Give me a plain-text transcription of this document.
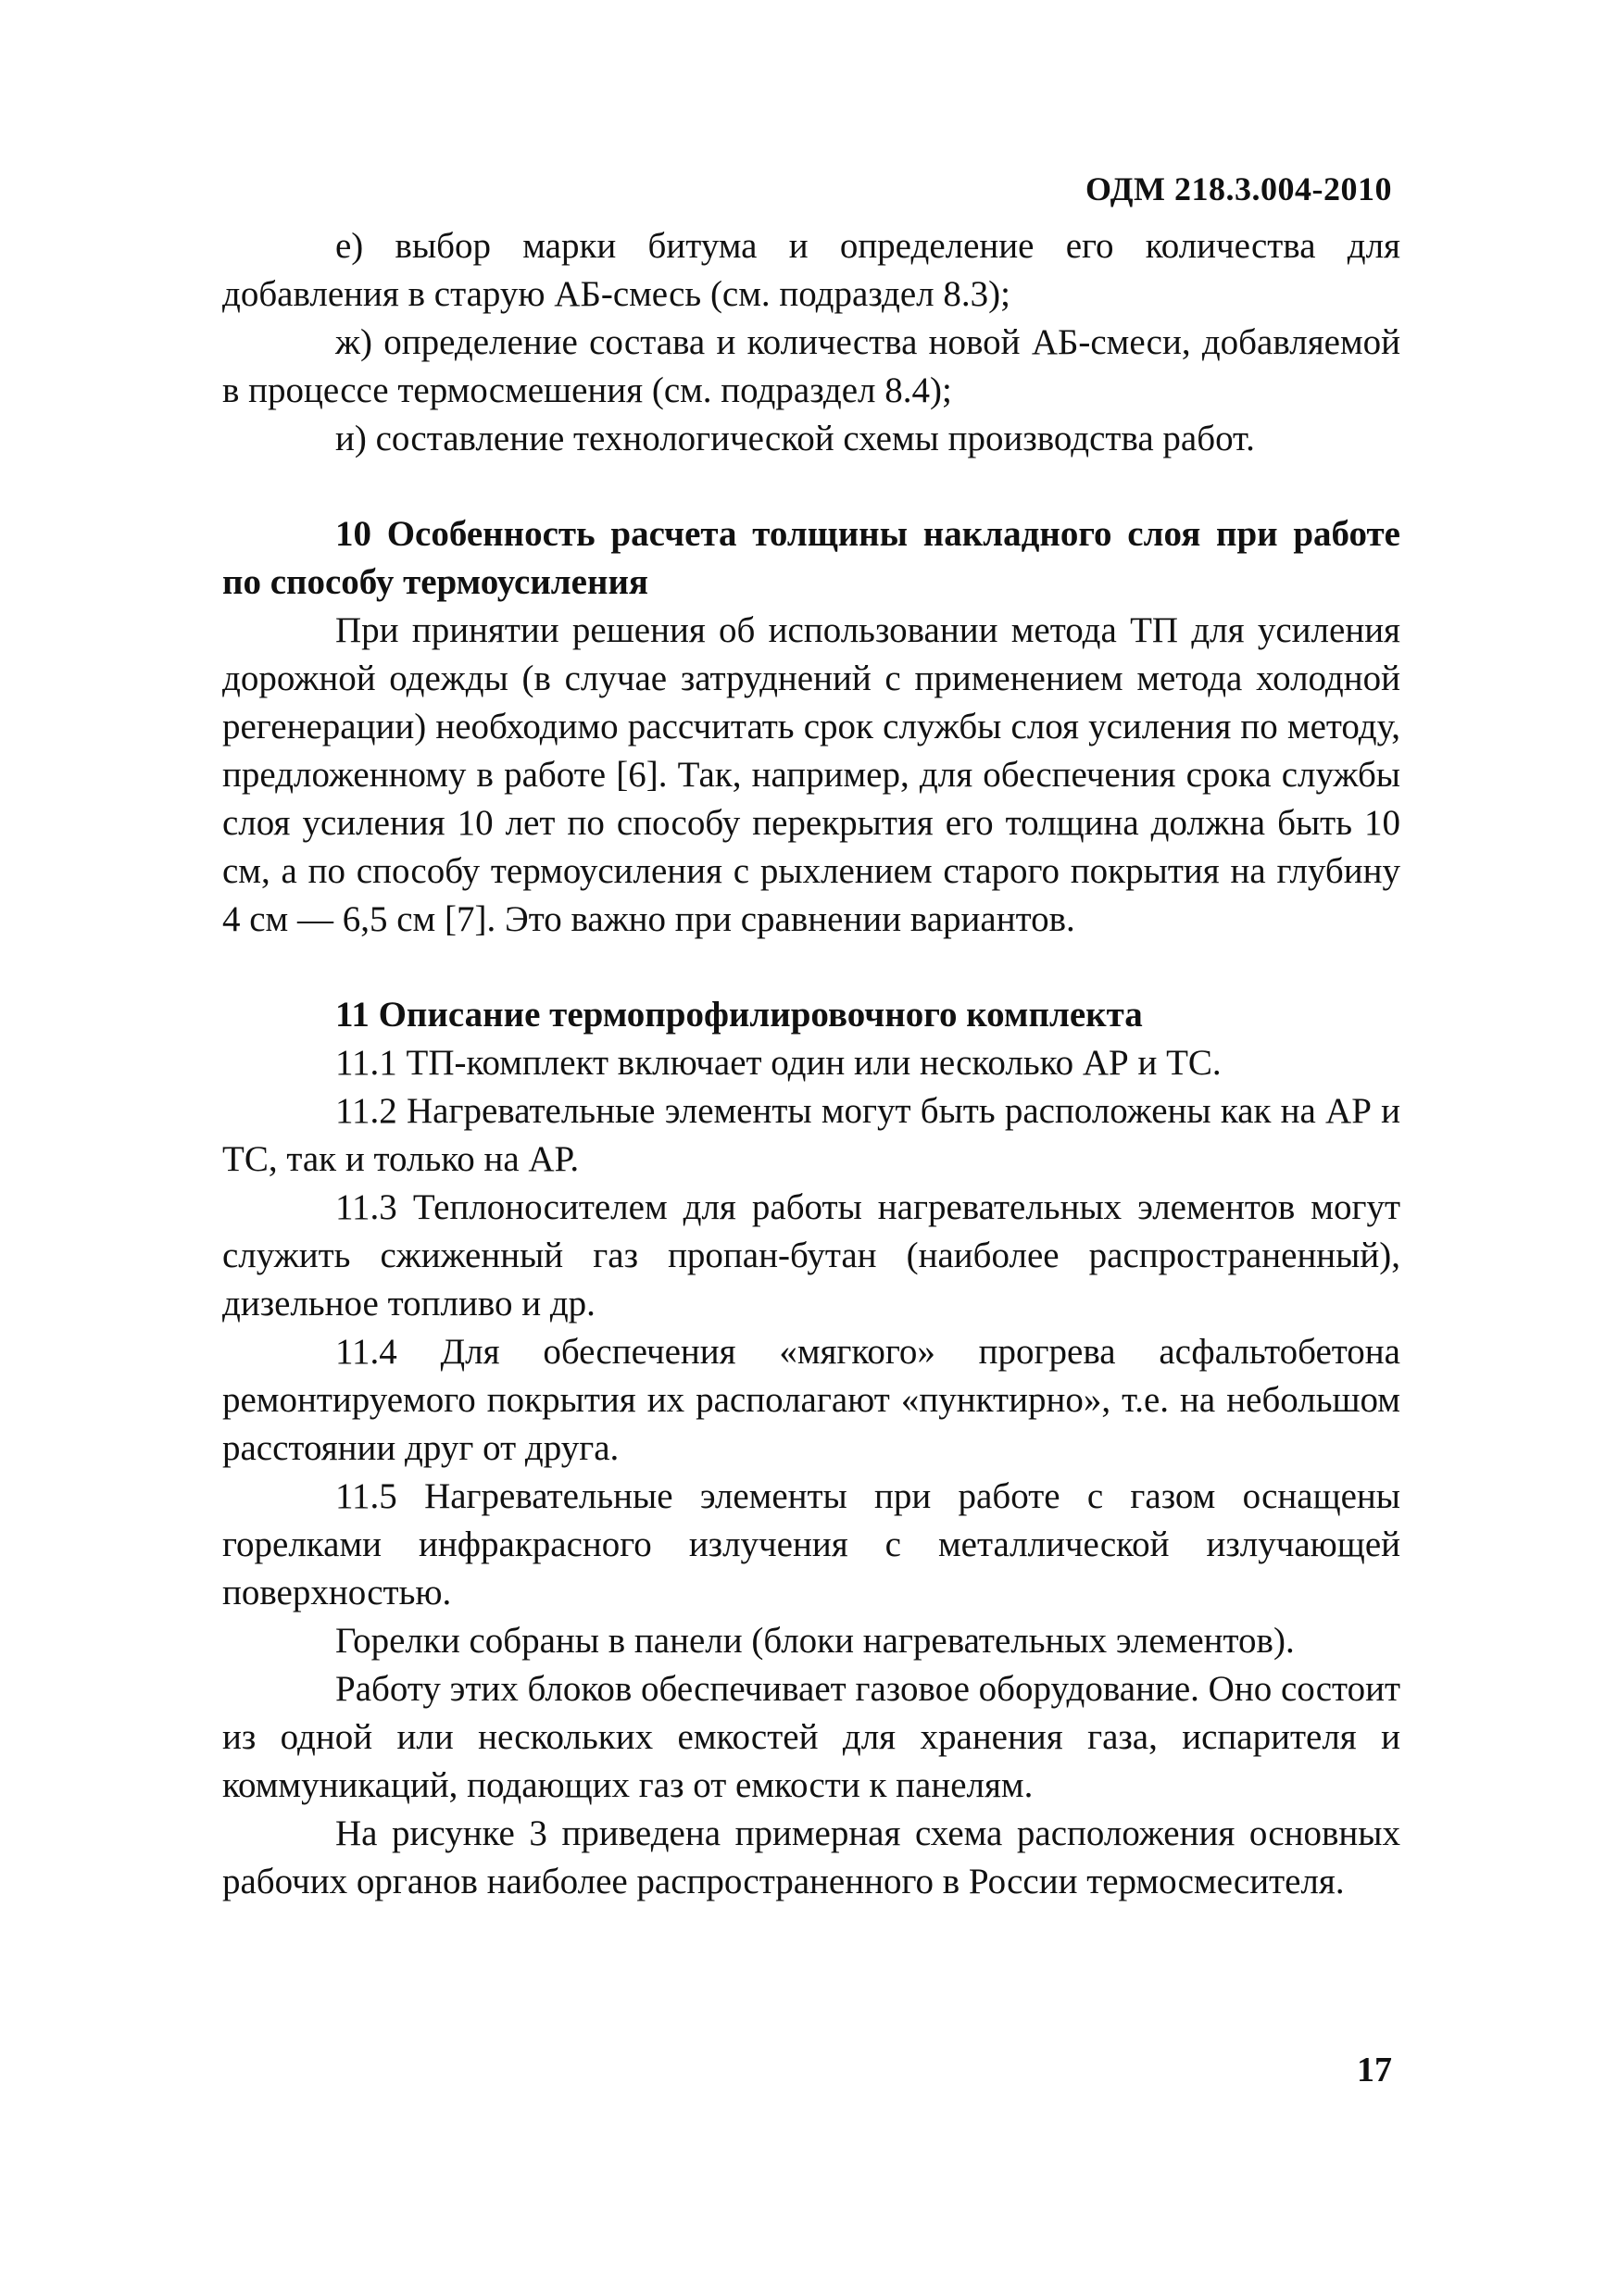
ОДМ 218.3.004-2010

е) выбор марки битума и определение его количества для добавления в старую АБ-смесь (см. подраздел 8.3);

ж) определение состава и количества новой АБ-смеси, добавляемой в процессе термосмешения (см. подраздел 8.4);

и) составление технологической схемы производства работ.

10 Особенность расчета толщины накладного слоя при работе по способу термоусиления

При принятии решения об использовании метода ТП для усиления дорожной одежды (в случае затруднений с применением метода холодной регенерации) необходимо рассчитать срок службы слоя усиления по методу, предложенному в работе [6]. Так, например, для обеспечения срока службы слоя усиления 10 лет по способу перекрытия его толщина должна быть 10 см, а по способу термоусиления с рыхлением старого покрытия на глубину 4 см — 6,5 см [7]. Это важно при сравнении вариантов.

11 Описание термопрофилировочного комплекта

11.1 ТП-комплект включает один или несколько АР и ТС.

11.2 Нагревательные элементы могут быть расположены как на АР и ТС, так и только на АР.

11.3 Теплоносителем для работы нагревательных элементов могут служить сжиженный газ пропан-бутан (наиболее распространенный), дизельное топливо и др.

11.4 Для обеспечения «мягкого» прогрева асфальтобетона ремонтируемого покрытия их располагают «пунктирно», т.е. на небольшом расстоянии друг от друга.

11.5 Нагревательные элементы при работе с газом оснащены горелками инфракрасного излучения с металлической излучающей поверхностью.

Горелки собраны в панели (блоки нагревательных элементов).

Работу этих блоков обеспечивает газовое оборудование. Оно состоит из одной или нескольких емкостей для хранения газа, испарителя и коммуникаций, подающих газ от емкости к панелям.

На рисунке 3 приведена примерная схема расположения основных рабочих органов наиболее распространенного в России термосмесителя.

17
